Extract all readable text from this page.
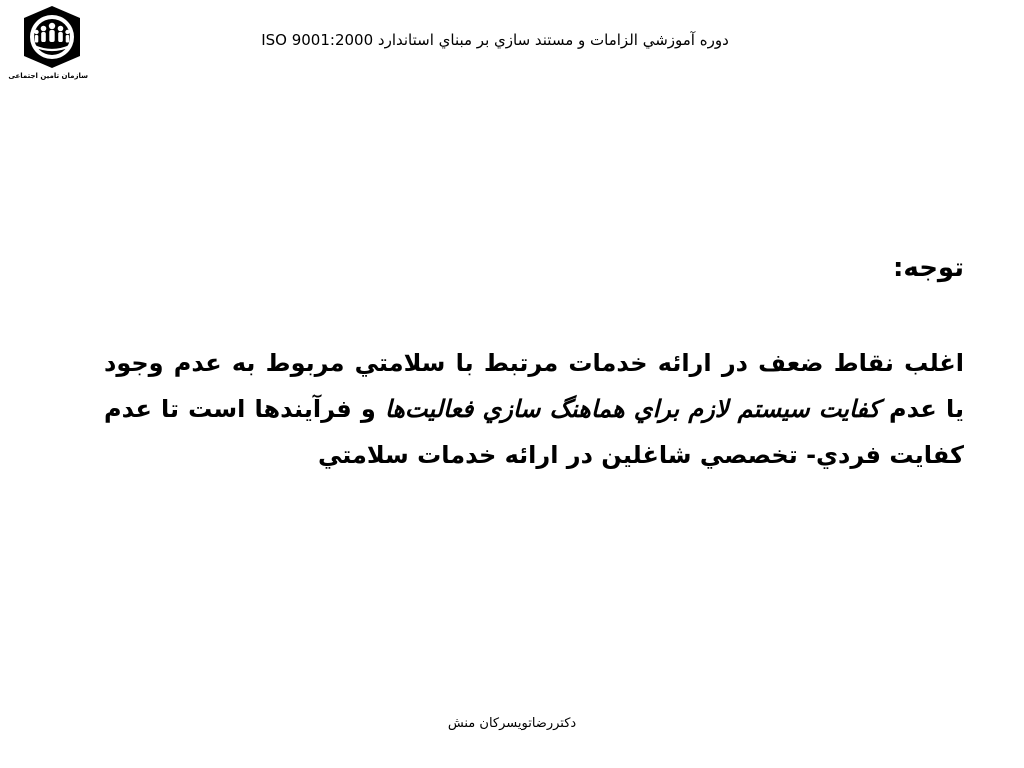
سازمان تامین اجتماعی
دوره آموزشي الزامات و مستند سازي بر مبناي استاندارد ISO 9001:2000
توجه:
اغلب نقاط ضعف در ارائه خدمات مرتبط با سلامتي مربوط به عدم وجود يا عدم كفايت سيستم لازم براي هماهنگ سازي فعاليت‌ها و فرآيندها است تا عدم كفايت فردي- تخصصي شاغلين در ارائه خدمات سلامتي
دكتررضاتويسركان منش
